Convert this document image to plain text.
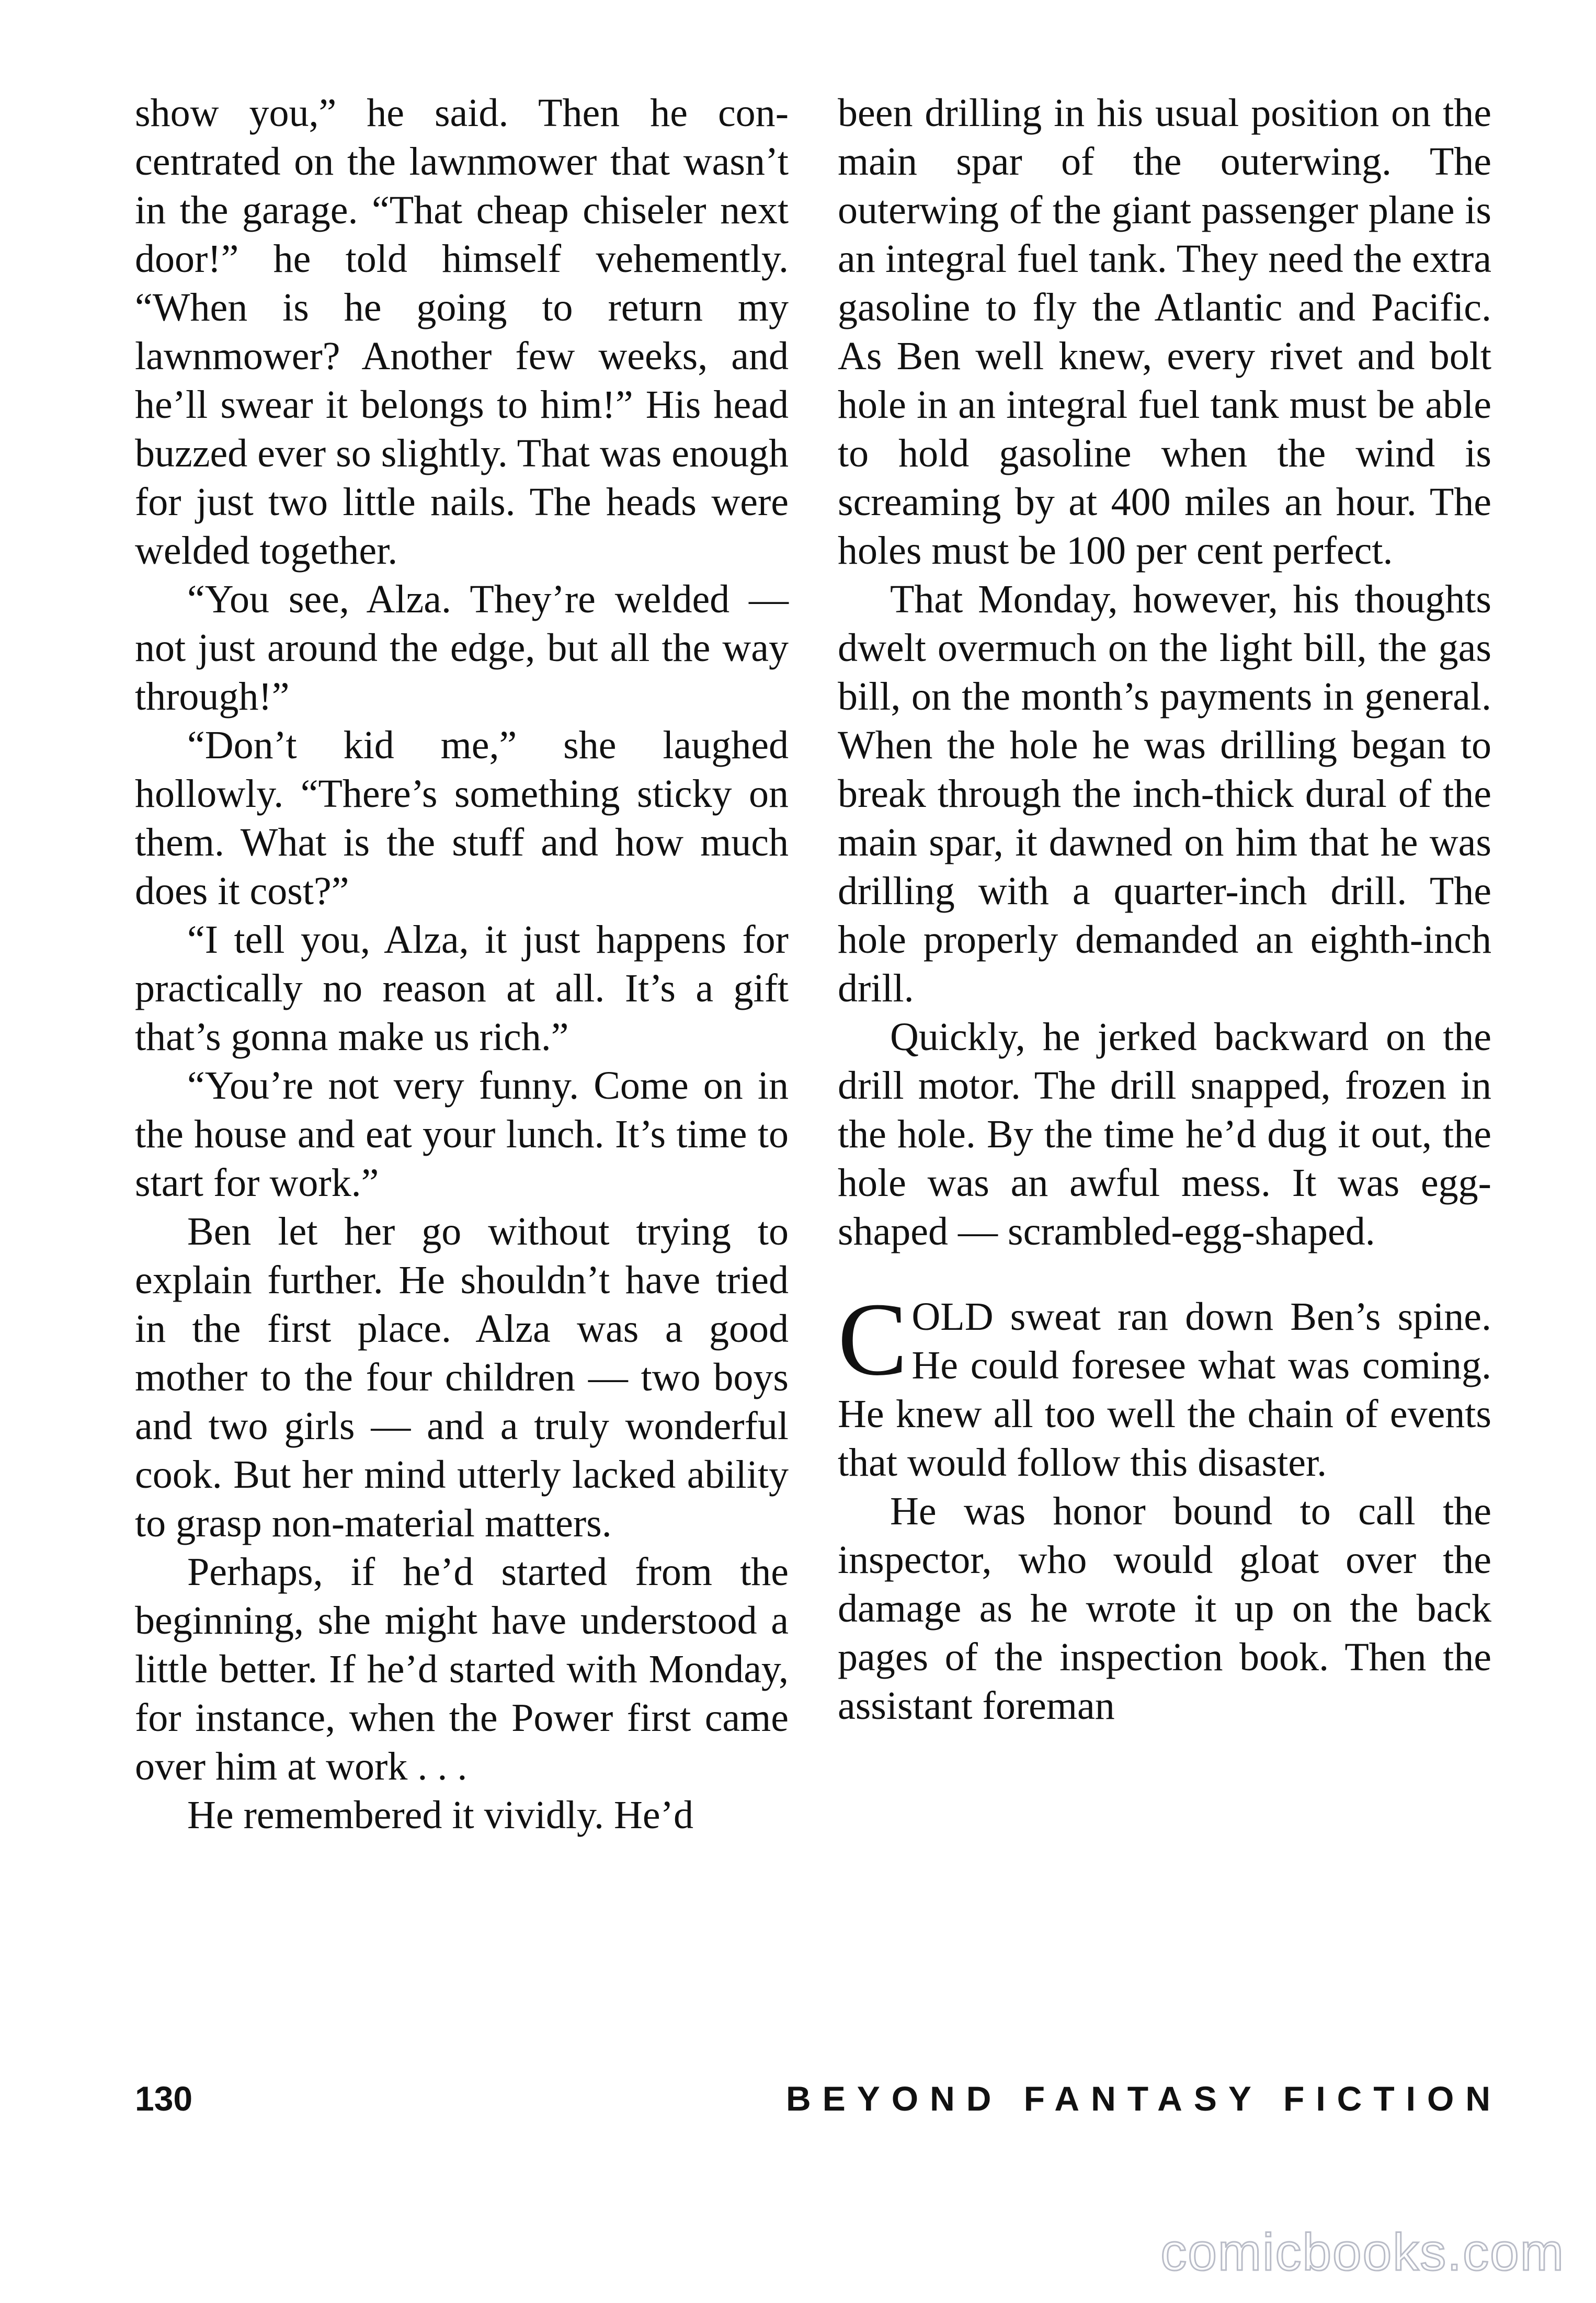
show you,” he said. Then he concentrated on the lawnmower that wasn’t in the garage. “That cheap chiseler next door!” he told himself vehemently. “When is he going to return my lawnmower? Another few weeks, and he’ll swear it belongs to him!” His head buzzed ever so slightly. That was enough for just two little nails. The heads were welded together.

“You see, Alza. They’re welded — not just around the edge, but all the way through!”

“Don’t kid me,” she laughed hollowly. “There’s something sticky on them. What is the stuff and how much does it cost?”

“I tell you, Alza, it just happens for practically no reason at all. It’s a gift that’s gonna make us rich.”

“You’re not very funny. Come on in the house and eat your lunch. It’s time to start for work.”

Ben let her go without trying to explain further. He shouldn’t have tried in the first place. Alza was a good mother to the four children — two boys and two girls — and a truly wonderful cook. But her mind utterly lacked ability to grasp non-material matters.

Perhaps, if he’d started from the beginning, she might have understood a little better. If he’d started with Monday, for instance, when the Power first came over him at work . . .

He remembered it vividly. He’d

been drilling in his usual position on the main spar of the outerwing. The outerwing of the giant passenger plane is an integral fuel tank. They need the extra gasoline to fly the Atlantic and Pacific. As Ben well knew, every rivet and bolt hole in an integral fuel tank must be able to hold gasoline when the wind is screaming by at 400 miles an hour. The holes must be 100 per cent perfect.

That Monday, however, his thoughts dwelt overmuch on the light bill, the gas bill, on the month’s payments in general. When the hole he was drilling began to break through the inch-thick dural of the main spar, it dawned on him that he was drilling with a quarter-inch drill. The hole properly demanded an eighth-inch drill.

Quickly, he jerked backward on the drill motor. The drill snapped, frozen in the hole. By the time he’d dug it out, the hole was an awful mess. It was egg-shaped — scrambled-egg-shaped.

COLD sweat ran down Ben’s spine. He could foresee what was coming. He knew all too well the chain of events that would follow this disaster.

He was honor bound to call the inspector, who would gloat over the damage as he wrote it up on the back pages of the inspection book. Then the assistant foreman

130	BEYOND FANTASY FICTION
comicbooks.com
